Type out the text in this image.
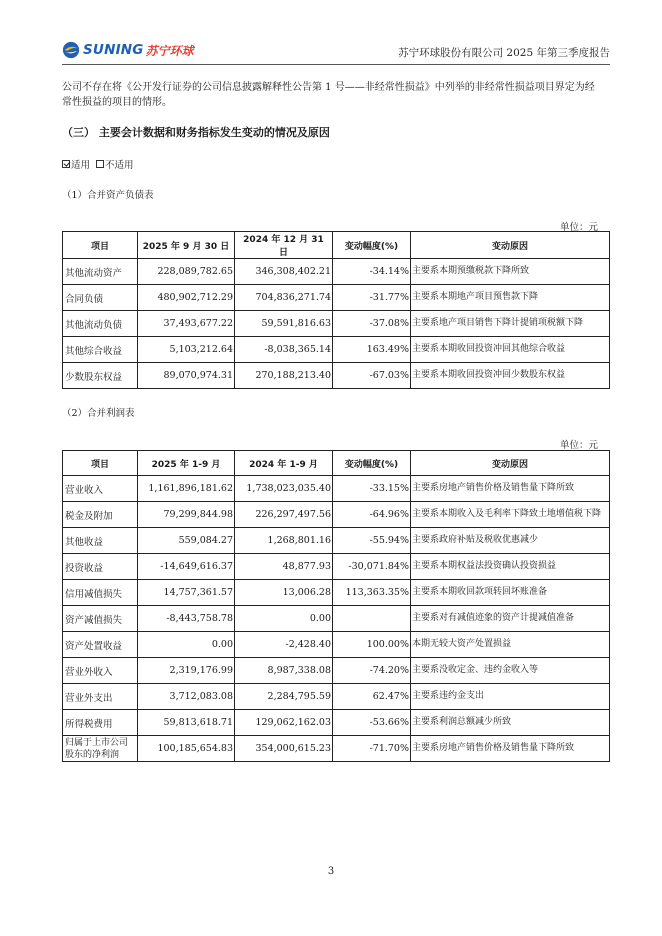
SUNING 苏宁环球	苏宁环球股份有限公司 2025 年第三季度报告
公司不存在将《公开发行证券的公司信息披露解释性公告第 1 号——非经常性损益》中列举的非经常性损益项目界定为经常性损益的项目的情形。
（三） 主要会计数据和财务指标发生变动的情况及原因
适用 不适用
（1）合并资产负债表
单位：元
项目	2025 年 9 月 30 日	2024 年 12 月 31 日	变动幅度(%)	变动原因
其他流动资产	228,089,782.65	346,308,402.21	-34.14%	主要系本期预缴税款下降所致
合同负债	480,902,712.29	704,836,271.74	-31.77%	主要系本期地产项目预售款下降
其他流动负债	37,493,677.22	59,591,816.63	-37.08%	主要系地产项目销售下降计提销项税额下降
其他综合收益	5,103,212.64	-8,038,365.14	163.49%	主要系本期收回投资冲回其他综合收益
少数股东权益	89,070,974.31	270,188,213.40	-67.03%	主要系本期收回投资冲回少数股东权益
（2）合并利润表
单位：元
项目	2025 年 1-9 月	2024 年 1-9 月	变动幅度(%)	变动原因
营业收入	1,161,896,181.62	1,738,023,035.40	-33.15%	主要系房地产销售价格及销售量下降所致
税金及附加	79,299,844.98	226,297,497.56	-64.96%	主要系本期收入及毛利率下降致土地增值税下降
其他收益	559,084.27	1,268,801.16	-55.94%	主要系政府补贴及税收优惠减少
投资收益	-14,649,616.37	48,877.93	-30,071.84%	主要系本期权益法投资确认投资损益
信用减值损失	14,757,361.57	13,006.28	113,363.35%	主要系本期收回款项转回坏账准备
资产减值损失	-8,443,758.78	0.00		主要系对有减值迹象的资产计提减值准备
资产处置收益	0.00	-2,428.40	100.00%	本期无较大资产处置损益
营业外收入	2,319,176.99	8,987,338.08	-74.20%	主要系没收定金、违约金收入等
营业外支出	3,712,083.08	2,284,795.59	62.47%	主要系违约金支出
所得税费用	59,813,618.71	129,062,162.03	-53.66%	主要系利润总额减少所致
归属于上市公司股东的净利润	100,185,654.83	354,000,615.23	-71.70%	主要系房地产销售价格及销售量下降所致
3
